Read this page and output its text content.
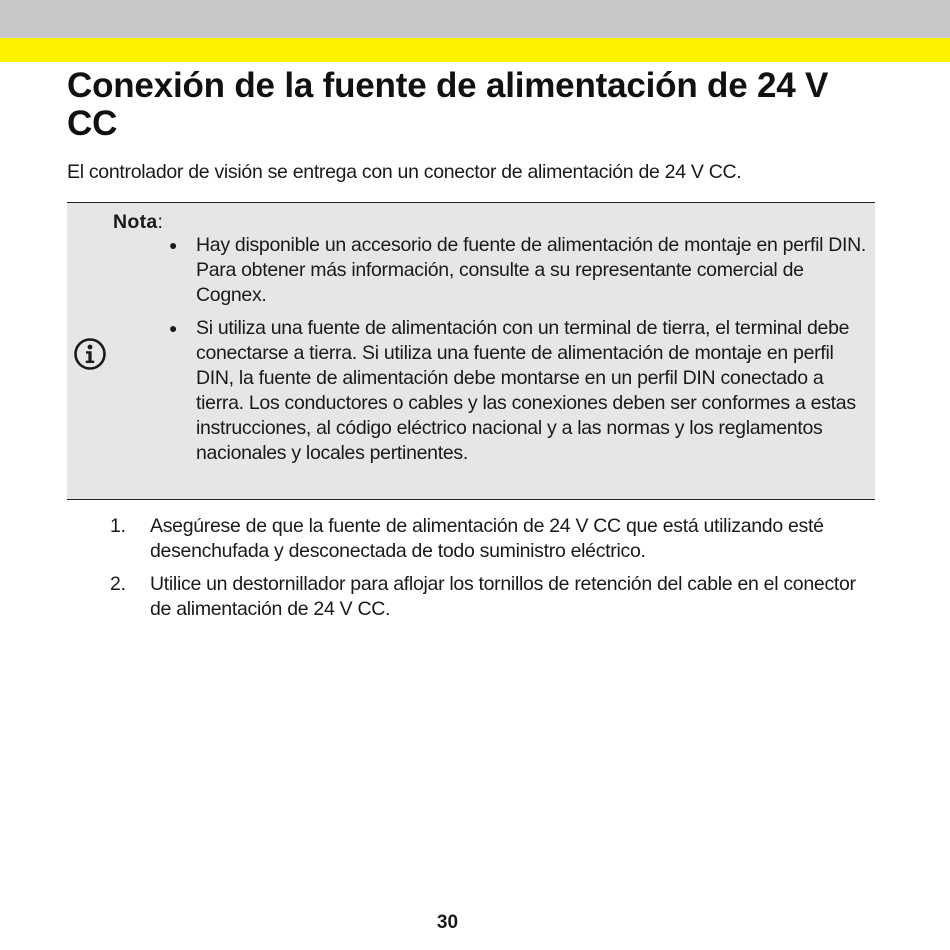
Conexión de la fuente de alimentación de 24 V CC

El controlador de visión se entrega con un conector de alimentación de 24 V CC.

Nota:
● Hay disponible un accesorio de fuente de alimentación de montaje en perfil DIN. Para obtener más información, consulte a su representante comercial de Cognex.
● Si utiliza una fuente de alimentación con un terminal de tierra, el terminal debe conectarse a tierra. Si utiliza una fuente de alimentación de montaje en perfil DIN, la fuente de alimentación debe montarse en un perfil DIN conectado a tierra. Los conductores o cables y las conexiones deben ser conformes a estas instrucciones, al código eléctrico nacional y a las normas y los reglamentos nacionales y locales pertinentes.
1. Asegúrese de que la fuente de alimentación de 24 V CC que está utilizando esté desenchufada y desconectada de todo suministro eléctrico.
2. Utilice un destornillador para aflojar los tornillos de retención del cable en el conector de alimentación de 24 V CC.
30
